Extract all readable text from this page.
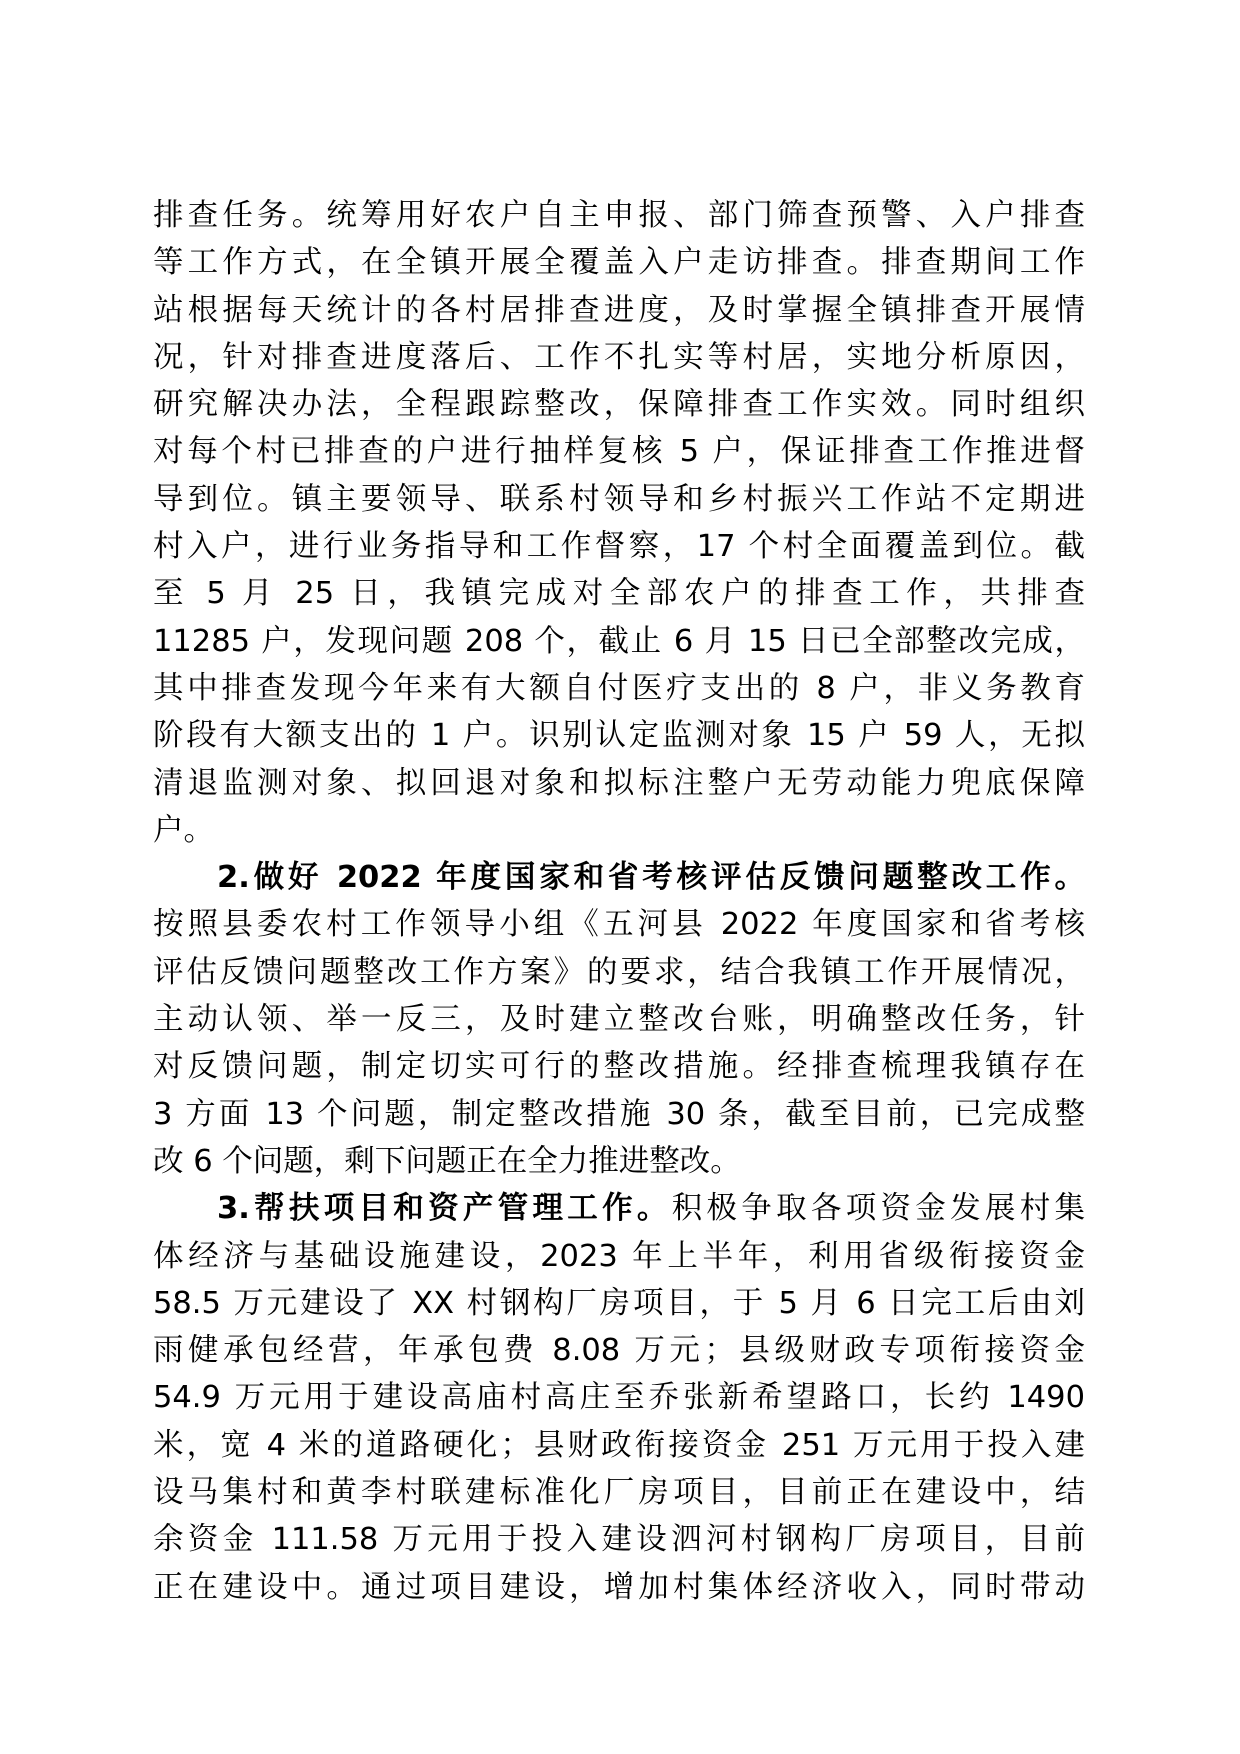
排查任务。统筹用好农户自主申报、部门筛查预警、入户排查
等工作方式，在全镇开展全覆盖入户走访排查。排查期间工作
站根据每天统计的各村居排查进度，及时掌握全镇排查开展情
况，针对排查进度落后、工作不扎实等村居，实地分析原因，
研究解决办法，全程跟踪整改，保障排查工作实效。同时组织
对每个村已排查的户进行抽样复核 5 户，保证排查工作推进督
导到位。镇主要领导、联系村领导和乡村振兴工作站不定期进
村入户，进行业务指导和工作督察，17 个村全面覆盖到位。截
至 5 月 25 日，我镇完成对全部农户的排查工作，共排查
11285 户，发现问题 208 个，截止 6 月 15 日已全部整改完成，
其中排查发现今年来有大额自付医疗支出的 8 户，非义务教育
阶段有大额支出的 1 户。识别认定监测对象 15 户 59 人，无拟
清退监测对象、拟回退对象和拟标注整户无劳动能力兜底保障
户。
2.做好 2022 年度国家和省考核评估反馈问题整改工作。
按照县委农村工作领导小组《五河县 2022 年度国家和省考核
评估反馈问题整改工作方案》的要求，结合我镇工作开展情况，
主动认领、举一反三，及时建立整改台账，明确整改任务，针
对反馈问题，制定切实可行的整改措施。经排查梳理我镇存在
3 方面 13 个问题，制定整改措施 30 条，截至目前，已完成整
改 6 个问题，剩下问题正在全力推进整改。
3.帮扶项目和资产管理工作。积极争取各项资金发展村集
体经济与基础设施建设，2023 年上半年，利用省级衔接资金
58.5 万元建设了 XX 村钢构厂房项目，于 5 月 6 日完工后由刘
雨健承包经营，年承包费 8.08 万元；县级财政专项衔接资金
54.9 万元用于建设高庙村高庄至乔张新希望路口，长约 1490
米，宽 4 米的道路硬化；县财政衔接资金 251 万元用于投入建
设马集村和黄李村联建标准化厂房项目，目前正在建设中，结
余资金 111.58 万元用于投入建设泗河村钢构厂房项目，目前
正在建设中。通过项目建设，增加村集体经济收入，同时带动
